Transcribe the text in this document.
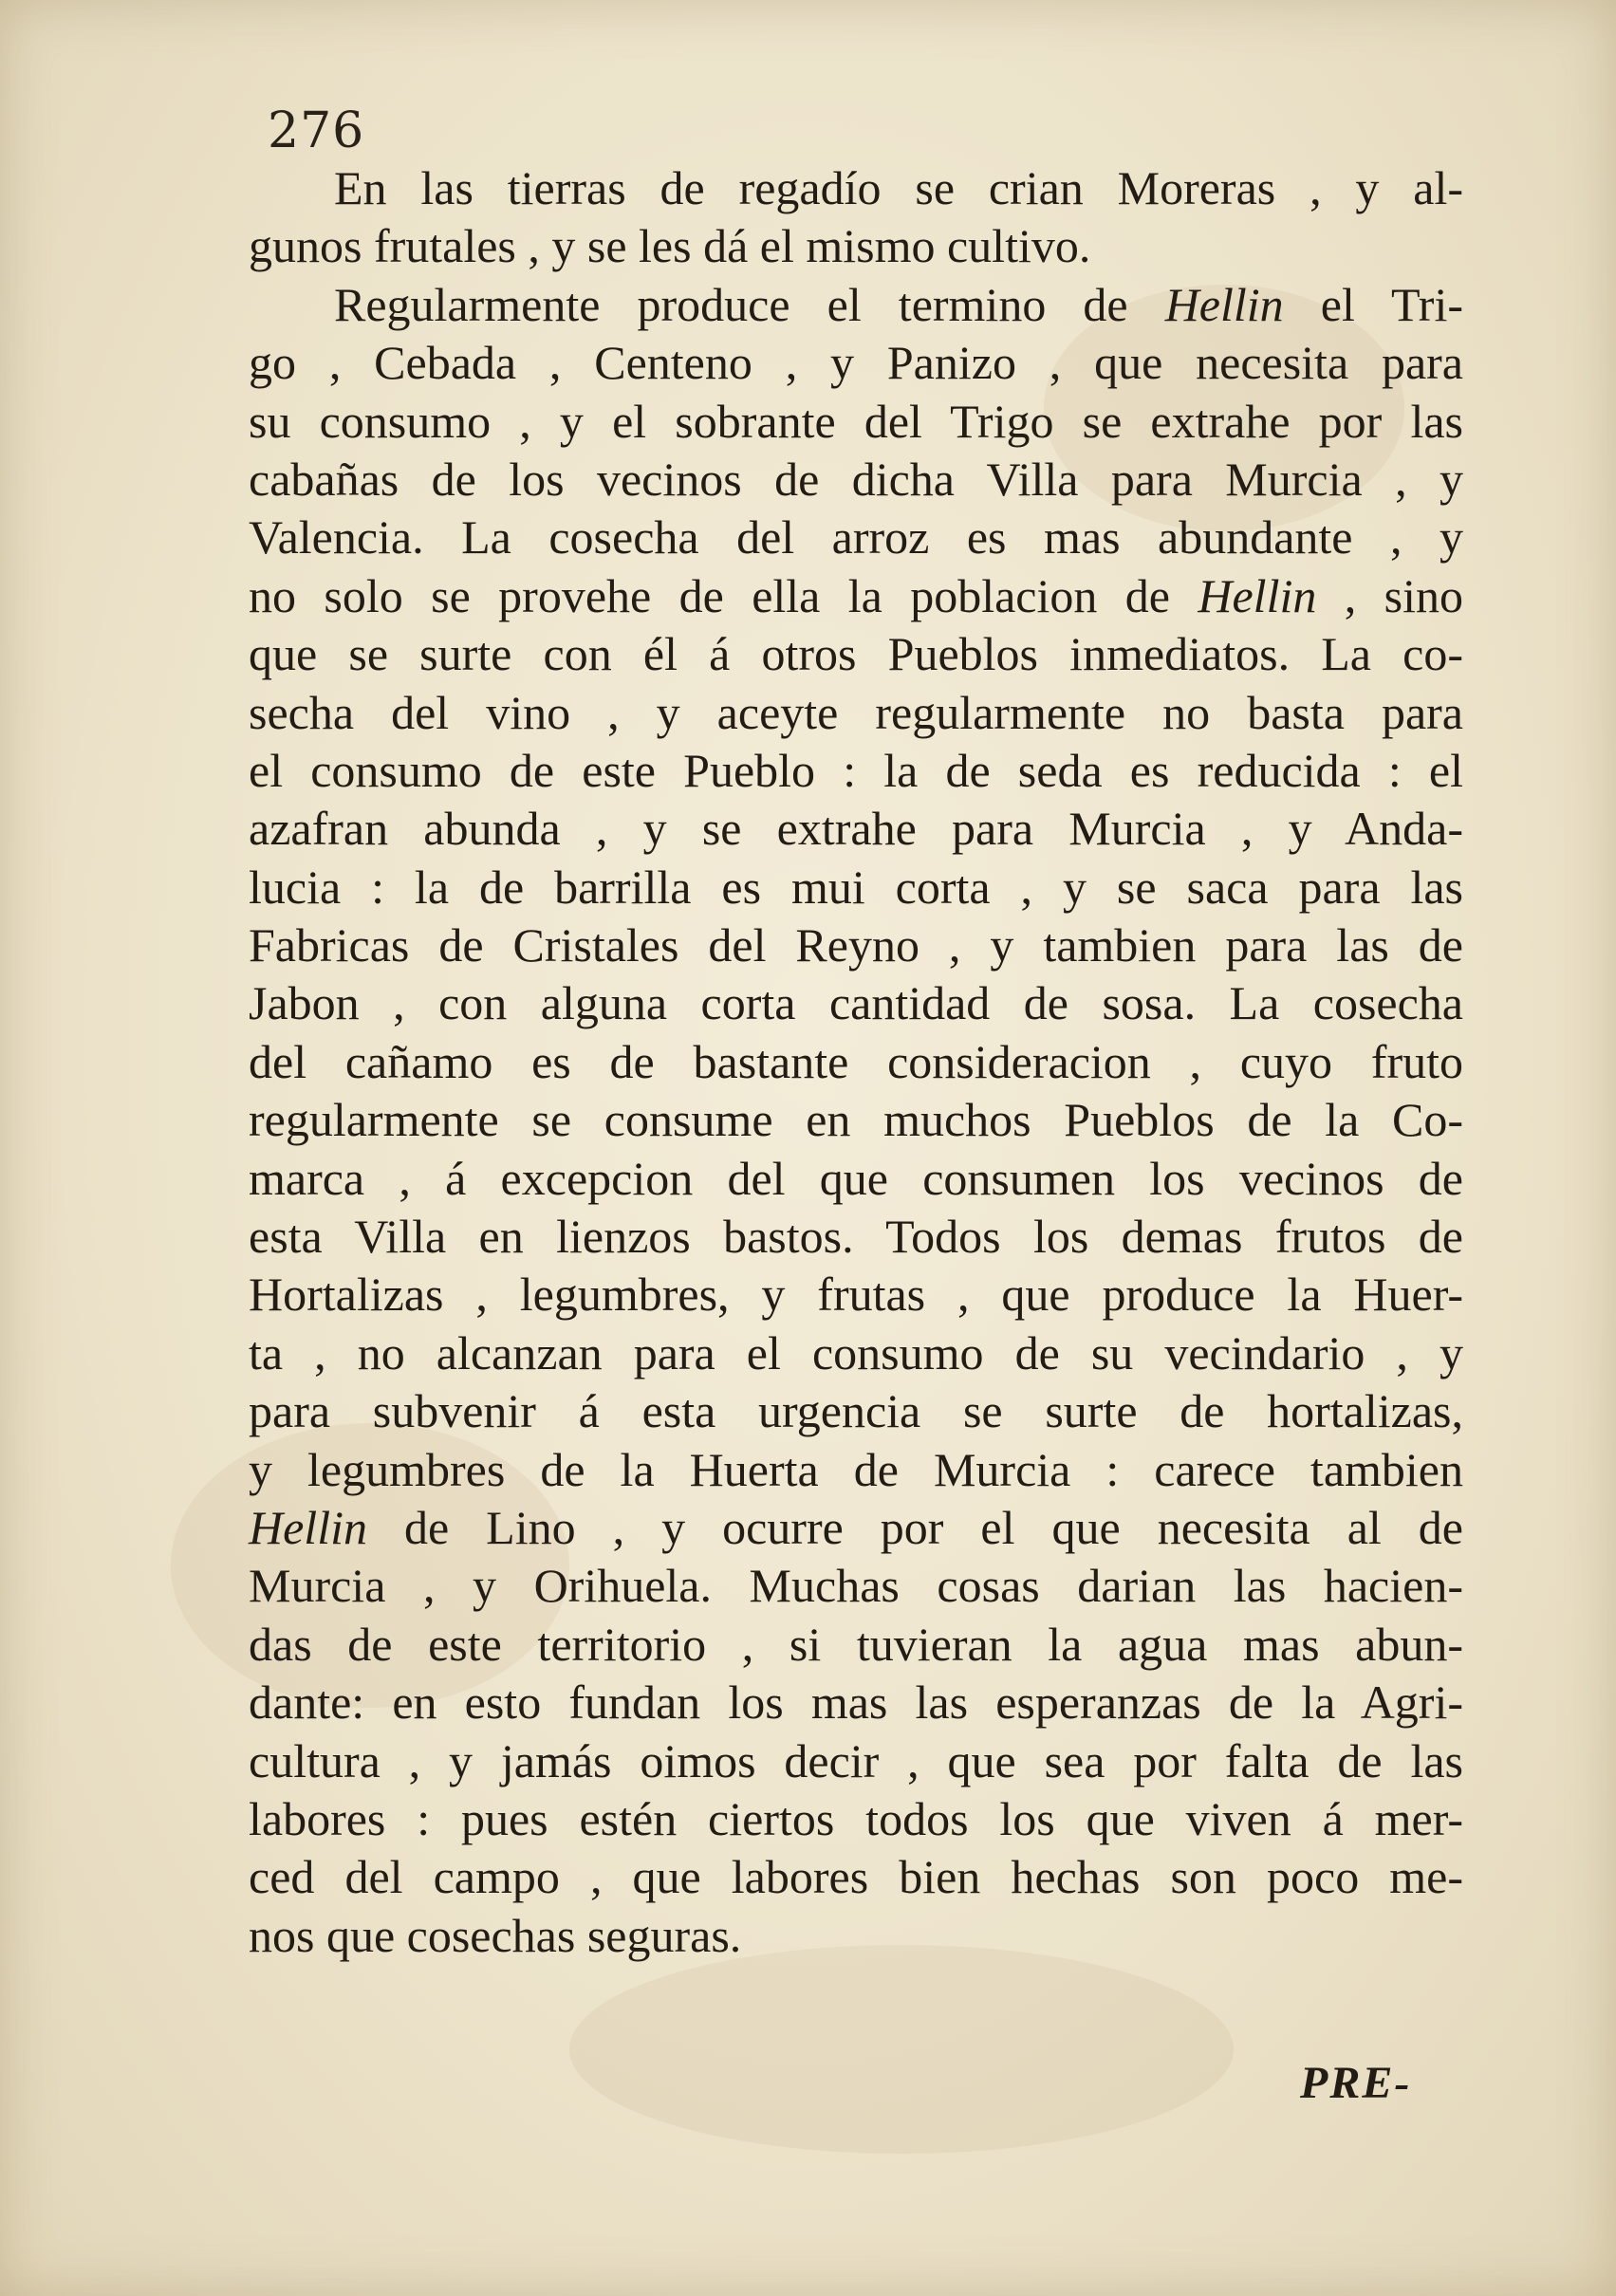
276
En las tierras de regadío se crian Moreras , y al-
gunos frutales , y se les dá el mismo cultivo.
Regularmente produce el termino de Hellin el Tri-
go , Cebada , Centeno , y Panizo , que necesita para
su consumo , y el sobrante del Trigo se extrahe por las
cabañas de los vecinos de dicha Villa para Murcia , y
Valencia. La cosecha del arroz es mas abundante , y
no solo se provehe de ella la poblacion de Hellin , sino
que se surte con él á otros Pueblos inmediatos. La co-
secha del vino , y aceyte regularmente no basta para
el consumo de este Pueblo : la de seda es reducida : el
azafran abunda , y se extrahe para Murcia , y Anda-
lucia : la de barrilla es mui corta , y se saca para las
Fabricas de Cristales del Reyno , y tambien para las de
Jabon , con alguna corta cantidad de sosa. La cosecha
del cañamo es de bastante consideracion , cuyo fruto
regularmente se consume en muchos Pueblos de la Co-
marca , á excepcion del que consumen los vecinos de
esta Villa en lienzos bastos. Todos los demas frutos de
Hortalizas , legumbres, y frutas , que produce la Huer-
ta , no alcanzan para el consumo de su vecindario , y
para subvenir á esta urgencia se surte de hortalizas,
y legumbres de la Huerta de Murcia : carece tambien
Hellin de Lino , y ocurre por el que necesita al de
Murcia , y Orihuela. Muchas cosas darian las hacien-
das de este territorio , si tuvieran la agua mas abun-
dante: en esto fundan los mas las esperanzas de la Agri-
cultura , y jamás oimos decir , que sea por falta de las
labores : pues estén ciertos todos los que viven á mer-
ced del campo , que labores bien hechas son poco me-
nos que cosechas seguras.
PRE-
